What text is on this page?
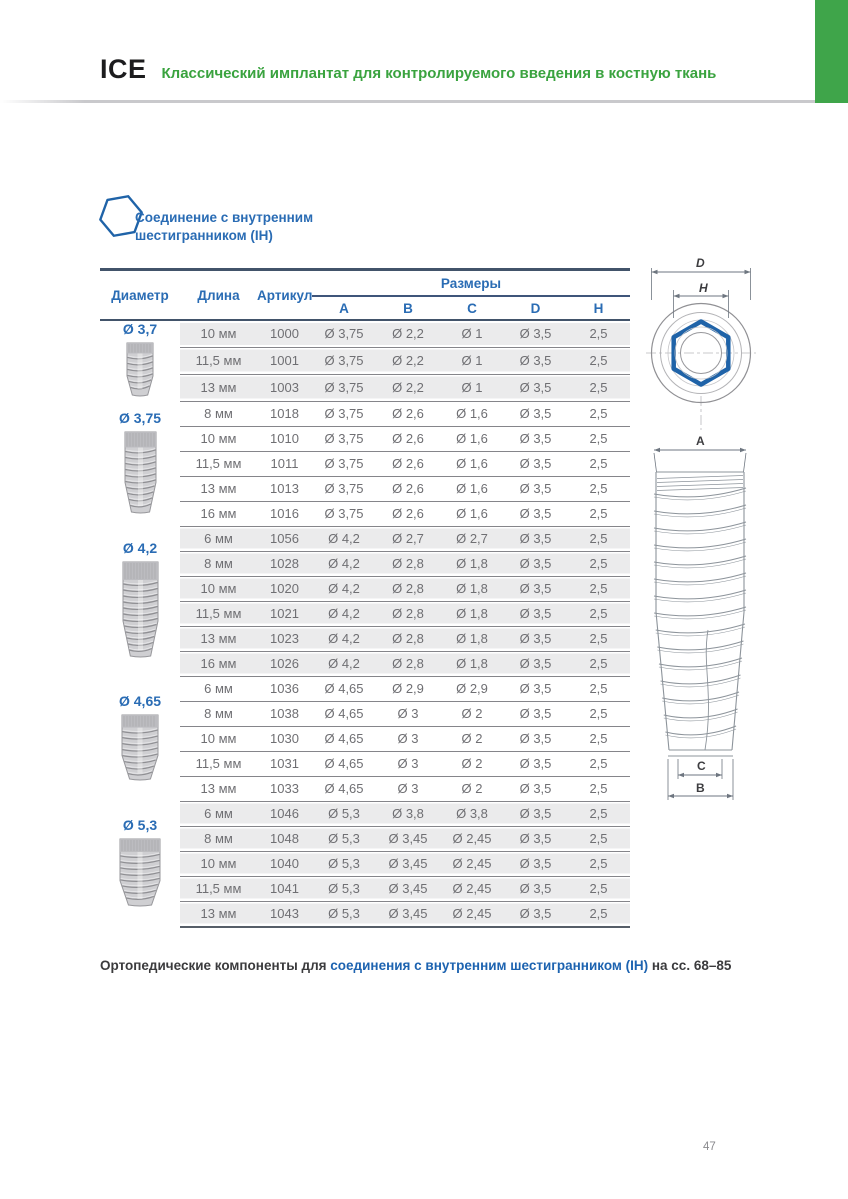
ICE Классический имплантат для контролируемого введения в костную ткань
Соединение с внутренним
шестигранником (IH)
Диаметр	Длина	Артикул	Размеры				
			A	B	C	D	H

Ø 3,7	10 мм	1000	Ø 3,75	Ø 2,2	Ø 1	Ø 3,5	2,5
	11,5 мм	1001	Ø 3,75	Ø 2,2	Ø 1	Ø 3,5	2,5
	13 мм	1003	Ø 3,75	Ø 2,2	Ø 1	Ø 3,5	2,5

Ø 3,75	8 мм	1018	Ø 3,75	Ø 2,6	Ø 1,6	Ø 3,5	2,5
	10 мм	1010	Ø 3,75	Ø 2,6	Ø 1,6	Ø 3,5	2,5
	11,5 мм	1011	Ø 3,75	Ø 2,6	Ø 1,6	Ø 3,5	2,5
	13 мм	1013	Ø 3,75	Ø 2,6	Ø 1,6	Ø 3,5	2,5
	16 мм	1016	Ø 3,75	Ø 2,6	Ø 1,6	Ø 3,5	2,5

Ø 4,2	6 мм	1056	Ø 4,2	Ø 2,7	Ø 2,7	Ø 3,5	2,5
	8 мм	1028	Ø 4,2	Ø 2,8	Ø 1,8	Ø 3,5	2,5
	10 мм	1020	Ø 4,2	Ø 2,8	Ø 1,8	Ø 3,5	2,5
	11,5 мм	1021	Ø 4,2	Ø 2,8	Ø 1,8	Ø 3,5	2,5
	13 мм	1023	Ø 4,2	Ø 2,8	Ø 1,8	Ø 3,5	2,5
	16 мм	1026	Ø 4,2	Ø 2,8	Ø 1,8	Ø 3,5	2,5

Ø 4,65	6 мм	1036	Ø 4,65	Ø 2,9	Ø 2,9	Ø 3,5	2,5
	8 мм	1038	Ø 4,65	Ø 3	Ø 2	Ø 3,5	2,5
	10 мм	1030	Ø 4,65	Ø 3	Ø 2	Ø 3,5	2,5
	11,5 мм	1031	Ø 4,65	Ø 3	Ø 2	Ø 3,5	2,5
	13 мм	1033	Ø 4,65	Ø 3	Ø 2	Ø 3,5	2,5

Ø 5,3	6 мм	1046	Ø 5,3	Ø 3,8	Ø 3,8	Ø 3,5	2,5
	8 мм	1048	Ø 5,3	Ø 3,45	Ø 2,45	Ø 3,5	2,5
	10 мм	1040	Ø 5,3	Ø 3,45	Ø 2,45	Ø 3,5	2,5
	11,5 мм	1041	Ø 5,3	Ø 3,45	Ø 2,45	Ø 3,5	2,5
	13 мм	1043	Ø 5,3	Ø 3,45	Ø 2,45	Ø 3,5	2,5
D
H
A
C
B

Ортопедические компоненты для соединения с внутренним шестигранником (IH) на сс. 68–85

47
